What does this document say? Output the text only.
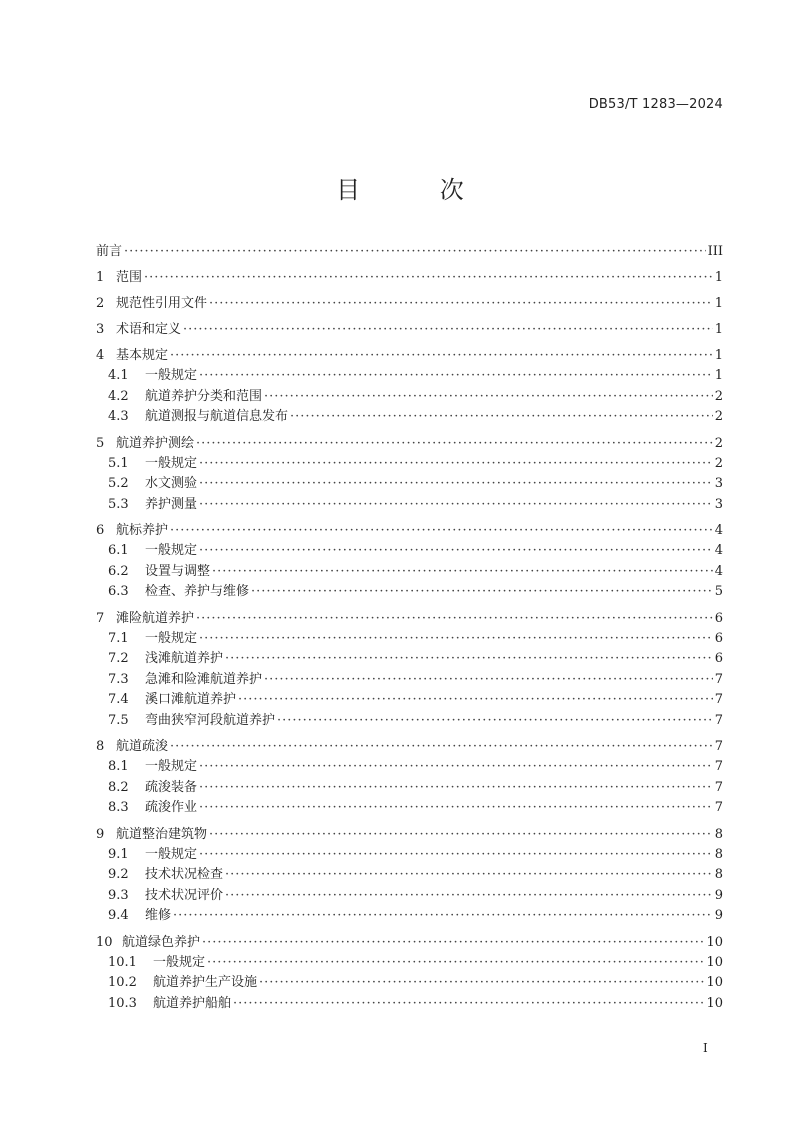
DB53/T 1283—2024
目 次
前言 ·····	III
1 范围 ·····	1
2 规范性引用文件 ·····	1
3 术语和定义 ·····	1
4 基本规定 ·····	1
4.1	一般规定 ·····	1
4.2	航道养护分类和范围 ·····	2
4.3	航道测报与航道信息发布 ·····	2
5 航道养护测绘 ·····	2
5.1	一般规定 ·····	2
5.2	水文测验 ·····	3
5.3	养护测量 ·····	3
6 航标养护 ·····	4
6.1	一般规定 ·····	4
6.2	设置与调整 ·····	4
6.3	检查、养护与维修 ·····	5
7 滩险航道养护 ·····	6
7.1	一般规定 ·····	6
7.2	浅滩航道养护 ·····	6
7.3	急滩和险滩航道养护 ·····	7
7.4	溪口滩航道养护 ·····	7
7.5	弯曲狭窄河段航道养护 ·····	7
8 航道疏浚 ·····	7
8.1	一般规定 ·····	7
8.2	疏浚装备 ·····	7
8.3	疏浚作业 ·····	7
9 航道整治建筑物 ·····	8
9.1	一般规定 ·····	8
9.2	技术状况检查 ·····	8
9.3	技术状况评价 ·····	9
9.4	维修 ·····	9
10 航道绿色养护 ·····	10
10.1	一般规定 ·····	10
10.2	航道养护生产设施 ·····	10
10.3	航道养护船舶 ·····	10
I
